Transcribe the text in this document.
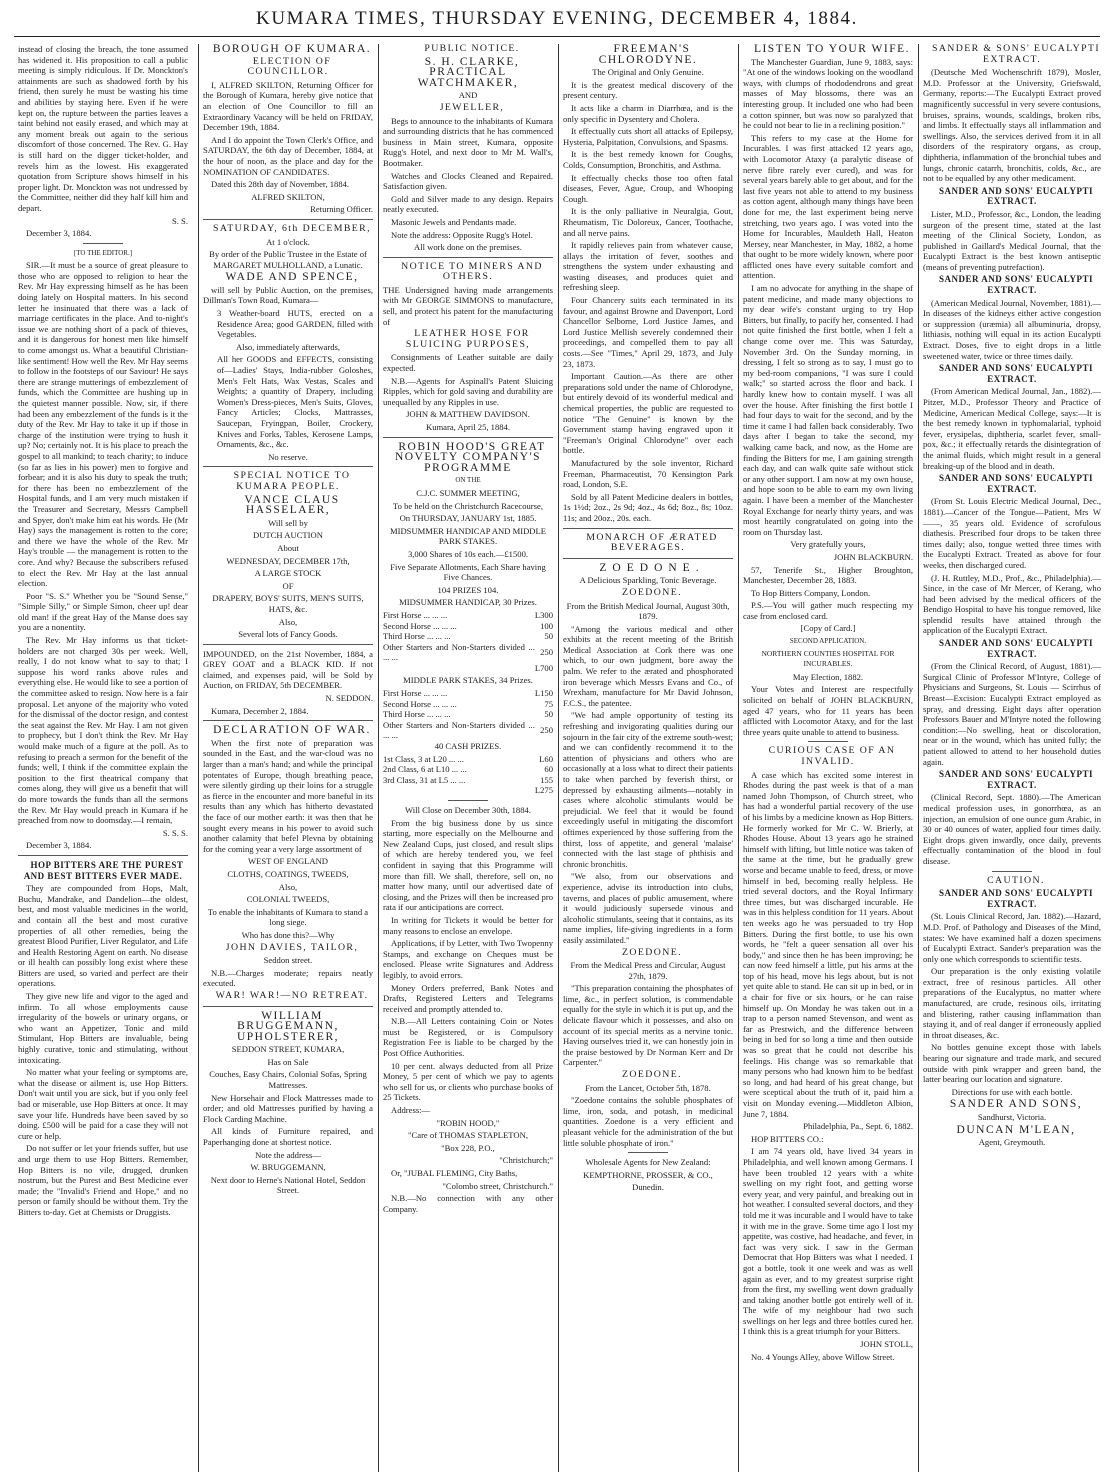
KUMARA TIMES, THURSDAY EVENING, DECEMBER 4, 1884.

instead of closing the breach, the tone assumed has widened it. His proposition to call a public meeting is simply ridiculous. If Dr. Monckton's attainments are such as shadowed forth by his friend, then surely he must be wasting his time and abilities by staying here. Even if he were kept on, the rupture between the parties leaves a taint behind not easily erased, and which may at any moment break out again to the serious discomfort of those concerned. The Rev. G. Hay is still hard on the digger ticket-holder, and revels him as the lowest. His exaggerated quotation from Scripture shows himself in his proper light. Dr. Monckton was not undressed by the Committee, neither did they half kill him and depart.

S. S.

December 3, 1884.

[TO THE EDITOR.]

SIR.—It must be a source of great pleasure to those who are opposed to religion to hear the Rev. Mr Hay expressing himself as he has been doing lately on Hospital matters. In his second letter he insinuated that there was a lack of marriage certificates in the place. And to-night's issue we are nothing short of a pack of thieves, and it is dangerous for honest men like himself to come amongst us. What a beautiful Christian-like sentiment! How well the Rev. Mr Hay seems to follow in the footsteps of our Saviour! He says there are strange mutterings of embezzlement of funds, which the Committee are hushing up in the quietest manner possible. Now, sir, if there had been any embezzlement of the funds is it the duty of the Rev. Mr Hay to take it up if those in charge of the institution were trying to hush it up? No; certainly not. It is his place to preach the gospel to all mankind; to teach charity; to induce (so far as lies in his power) men to forgive and forbear; and it is also his duty to speak the truth; for there has been no embezzlement of the Hospital funds, and I am very much mistaken if the Treasurer and Secretary, Messrs Campbell and Spyer, don't make him eat his words. He (Mr Hay) says the management is rotten to the core; and there we have the whole of the Rev. Mr Hay's trouble — the management is rotten to the core. And why? Because the subscribers refused to elect the Rev. Mr Hay at the last annual election.

Poor "S. S." Whether you be "Sound Sense," "Simple Silly," or Simple Simon, cheer up! dear old man! if the great Hay of the Manse does say you are a nonentity.

The Rev. Mr Hay informs us that ticket-holders are not charged 30s per week. Well, really, I do not know what to say to that; I suppose his word ranks above rules and everything else. He would like to see a portion of the committee asked to resign. Now here is a fair proposal. Let anyone of the majority who voted for the dismissal of the doctor resign, and contest the seat against the Rev. Mr Hay. I am not given to prophecy, but I don't think the Rev. Mr Hay would make much of a figure at the poll. As to refusing to preach a sermon for the benefit of the funds; well, I think if the committee explain the position to the first theatrical company that comes along, they will give us a benefit that will do more towards the funds than all the sermons the Rev. Mr Hay would preach in Kumara if he preached from now to doomsday.—I remain,

S. S. S.

December 3, 1884.

HOP BITTERS ARE THE PUREST AND BEST BITTERS EVER MADE.

They are compounded from Hops, Malt, Buchu, Mandrake, and Dandelion—the oldest, best, and most valuable medicines in the world, and contain all the best and most curative properties of all other remedies, being the greatest Blood Purifier, Liver Regulator, and Life and Health Restoring Agent on earth. No disease or ill health can possibly long exist where these Bitters are used, so varied and perfect are their operations.

They give new life and vigor to the aged and infirm. To all whose employments cause irregularity of the bowels or urinary organs, or who want an Appetizer, Tonic and mild Stimulant, Hop Bitters are invaluable, being highly curative, tonic and stimulating, without intoxicating.

No matter what your feeling or symptoms are, what the disease or ailment is, use Hop Bitters. Don't wait until you are sick, but if you only feel bad or miserable, use Hop Bitters at once. It may save your life. Hundreds have been saved by so doing. £500 will be paid for a case they will not cure or help.

Do not suffer or let your friends suffer, but use and urge them to use Hop Bitters. Remember, Hop Bitters is no vile, drugged, drunken nostrum, but the Purest and Best Medicine ever made; the "Invalid's Friend and Hope," and no person or family should be without them. Try the Bitters to-day. Get at Chemists or Druggists.

BOROUGH OF KUMARA.

ELECTION OF COUNCILLOR.

I, ALFRED SKILTON, Returning Officer for the Borough of Kumara, hereby give notice that an election of One Councillor to fill an Extraordinary Vacancy will be held on FRIDAY, December 19th, 1884.

And I do appoint the Town Clerk's Office, and SATURDAY, the 6th day of December, 1884, at the hour of noon, as the place and day for the NOMINATION OF CANDIDATES.

Dated this 28th day of November, 1884.

ALFRED SKILTON,

Returning Officer.

SATURDAY, 6th DECEMBER,

At 1 o'clock.

By order of the Public Trustee in the Estate of MARGARET MULHOLLAND, a Lunatic.

WADE AND SPENCE,

will sell by Public Auction, on the premises, Dillman's Town Road, Kumara—

3 Weather-board HUTS, erected on a Residence Area; good GARDEN, filled with Vegetables.

Also, immediately afterwards,

All her GOODS and EFFECTS, consisting of—Ladies' Stays, India-rubber Goloshes, Men's Felt Hats, Wax Vestas, Scales and Weights; a quantity of Drapery, including Women's Dress-pieces, Men's Suits, Gloves, Fancy Articles; Clocks, Mattrasses, Saucepan, Fryingpan, Boiler, Crockery, Knives and Forks, Tables, Kerosene Lamps, Ornaments, &c., &c.

No reserve.

SPECIAL NOTICE TO KUMARA PEOPLE.

VANCE CLAUS HASSELAER,

Will sell by

DUTCH AUCTION

About

WEDNESDAY, DECEMBER 17th,

A LARGE STOCK

OF

DRAPERY, BOYS' SUITS, MEN'S SUITS, HATS, &c.

Also,

Several lots of Fancy Goods.

IMPOUNDED, on the 21st November, 1884, a GREY GOAT and a BLACK KID. If not claimed, and expenses paid, will be Sold by Auction, on FRIDAY, 5th DECEMBER.

N. SEDDON.

Kumara, December 2, 1884.

DECLARATION OF WAR.

When the first note of preparation was sounded in the East, and the war-cloud was no larger than a man's hand; and while the principal potentates of Europe, though breathing peace, were silently girding up their loins for a struggle as fierce in the encounter and more baneful in its results than any which has hitherto devastated the face of our mother earth: it was then that he sought every means in his power to avoid such another calamity that befel Plevna by obtaining for the coming year a very large assortment of

WEST OF ENGLAND

CLOTHS, COATINGS, TWEEDS,

Also,

COLONIAL TWEEDS,

To enable the inhabitants of Kumara to stand a long siege.

Who has done this?—Why

JOHN DAVIES, TAILOR,

Seddon street.

N.B.—Charges moderate; repairs neatly executed.

WAR! WAR!—NO RETREAT.

WILLIAM BRUGGEMANN, UPHOLSTERER,

SEDDON STREET, KUMARA,

Has on Sale

Couches, Easy Chairs, Colonial Sofas, Spring Mattresses.

New Horsehair and Flock Mattresses made to order; and old Mattresses purified by having a Flock Carding Machine.

All kinds of Furniture repaired, and Paperhanging done at shortest notice.

Note the address—

W. BRUGGEMANN,

Next door to Herne's National Hotel, Seddon Street.

PUBLIC NOTICE.

S. H. CLARKE, PRACTICAL WATCHMAKER,

AND

JEWELLER,

Begs to announce to the inhabitants of Kumara and surrounding districts that he has commenced business in Main street, Kumara, opposite Rugg's Hotel, and next door to Mr M. Wall's, Bootmaker.

Watches and Clocks Cleaned and Repaired. Satisfaction given.

Gold and Silver made to any design. Repairs neatly executed.

Masonic Jewels and Pendants made.

Note the address: Opposite Rugg's Hotel.

All work done on the premises.

NOTICE TO MINERS AND OTHERS.

THE Undersigned having made arrangements with Mr GEORGE SIMMONS to manufacture, sell, and protect his patent for the manufacturing of

LEATHER HOSE FOR SLUICING PURPOSES,

Consignments of Leather suitable are daily expected.

N.B.—Agents for Aspinall's Patent Sluicing Ripples, which for gold saving and durability are unequalled by any Ripples in use.

JOHN & MATTHEW DAVIDSON.

Kumara, April 25, 1884.

ROBIN HOOD'S GREAT NOVELTY COMPANY'S PROGRAMME

ON THE

C.J.C. SUMMER MEETING,

To be held on the Christchurch Racecourse,

On THURSDAY, JANUARY 1st, 1885.

MIDSUMMER HANDICAP AND MIDDLE PARK STAKES.

3,000 Shares of 10s each.—£1500.

Five Separate Allotments, Each Share having Five Chances.

104 PRIZES 104.

MIDSUMMER HANDICAP, 30 Prizes.

First Horse ... ... ...	L300
Second Horse ... ... ...	100
Third Horse ... ... ...	50
Other Starters and Non-Starters divided ... ... ...	250

L700

MIDDLE PARK STAKES, 34 Prizes.

First Horse ... ... ...	L150
Second Horse ... ... ...	75
Third Horse ... ... ...	50
Other Starters and Non-Starters divided ... ... ...	250

40 CASH PRIZES.

1st Class, 3 at L20 ... ...	L60
2nd Class, 6 at L10 ... ...	60
3rd Class, 31 at L5 ... ...	155

L275

Will Close on December 30th, 1884.

From the big business done by us since starting, more especially on the Melbourne and New Zealand Cups, just closed, and result slips of which are hereby tendered you, we feel confident in saying that this Programme will more than fill. We shall, therefore, sell on, no matter how many, until our advertised date of closing, and the Prizes will then be increased pro rata if our anticipations are correct.

In writing for Tickets it would be better for many reasons to enclose an envelope.

Applications, if by Letter, with Two Twopenny Stamps, and exchange on Cheques must be enclosed. Please write Signatures and Address legibly, to avoid errors.

Money Orders preferred, Bank Notes and Drafts, Registered Letters and Telegrams received and promptly attended to.

N.B.—All Letters containing Coin or Notes must be Registered, or is Compulsory Registration Fee is liable to be charged by the Post Office Authorities.

10 per cent. always deducted from all Prize Money, 5 per cent of which we pay to agents who sell for us, or clients who purchase books of 25 Tickets.

Address:—

"ROBIN HOOD,"

"Care of THOMAS STAPLETON,

"Box 228, P.O.,

"Christchurch;"

Or, "JUBAL FLEMING, City Baths,

"Colombo street, Christchurch."

N.B.—No connection with any other Company.

FREEMAN'S CHLORODYNE.

The Original and Only Genuine.

It is the greatest medical discovery of the present century.

It acts like a charm in Diarrhœa, and is the only specific in Dysentery and Cholera.

It effectually cuts short all attacks of Epilepsy, Hysteria, Palpitation, Convulsions, and Spasms.

It is the best remedy known for Coughs, Colds, Consumption, Bronchitis, and Asthma.

It effectually checks those too often fatal diseases, Fever, Ague, Croup, and Whooping Cough.

It is the only palliative in Neuralgia, Gout, Rheumatism, Tic Doloreux, Cancer, Toothache, and all nerve pains.

It rapidly relieves pain from whatever cause, allays the irritation of fever, soothes and strengthens the system under exhausting and wasting diseases, and produces quiet and refreshing sleep.

Four Chancery suits each terminated in its favour, and against Browne and Davenport, Lord Chancellor Selborne, Lord Justice James, and Lord Justice Mellish severely condemned their proceedings, and compelled them to pay all costs.—See "Times," April 29, 1873, and July 23, 1873.

Important Caution.—As there are other preparations sold under the name of Chlorodyne, but entirely devoid of its wonderful medical and chemical properties, the public are requested to notice "The Genuine" is known by the Government stamp having engraved upon it "Freeman's Original Chlorodyne" over each bottle.

Manufactured by the sole inventor, Richard Freeman, Pharmaceutist, 70 Kensington Park road, London, S.E.

Sold by all Patent Medicine dealers in bottles, 1s 1½d; 2oz., 2s 9d; 4oz., 4s 6d; 8oz., 8s; 10oz. 11s; and 20oz., 20s. each.

MONARCH OF ÆRATED BEVERAGES.

ZOEDONE.

A Delicious Sparkling, Tonic Beverage.

ZOEDONE.

From the British Medical Journal, August 30th, 1879.

"Among the various medical and other exhibits at the recent meeting of the British Medical Association at Cork there was one which, to our own judgment, bore away the palm. We refer to the ærated and phosphorated iron beverage which Messrs Evans and Co., of Wrexham, manufacture for Mr David Johnson, F.C.S., the patentee.

"We had ample opportunity of testing its refreshing and invigorating qualities during our sojourn in the fair city of the extreme south-west; and we can confidently recommend it to the attention of physicians and others who are occasionally at a loss what to direct their patients to take when parched by feverish thirst, or depressed by exhausting ailments—notably in cases where alcoholic stimulants would be prejudicial. We feel that it would be found exceedingly useful in mitigating the discomfort oftimes experienced by those suffering from the thirst, loss of appetite, and general 'malaise' connected with the last stage of phthisis and chronic bronchitis.

"We also, from our observations and experience, advise its introduction into clubs, taverns, and places of public amusement, where it would judiciously supersede vinous and alcoholic stimulants, seeing that it contains, as its name implies, life-giving ingredients in a form easily assimilated."

ZOEDONE.

From the Medical Press and Circular, August 27th, 1879.

"This preparation containing the phosphates of lime, &c., in perfect solution, is commendable equally for the style in which it is put up, and the delicate flavour which it possesses, and also on account of its special merits as a nervine tonic. Having ourselves tried it, we can honestly join in the praise bestowed by Dr Norman Kerr and Dr Carpenter."

ZOEDONE.

From the Lancet, October 5th, 1878.

"Zoedone contains the soluble phosphates of lime, iron, soda, and potash, in medicinal quantities. Zoedone is a very efficient and pleasant vehicle for the administration of the but little soluble phosphate of iron."

Wholesale Agents for New Zealand:

KEMPTHORNE, PROSSER, & CO.,

Dunedin.

LISTEN TO YOUR WIFE.

The Manchester Guardian, June 9, 1883, says: "At one of the windows looking on the woodland ways, with clumps of rhododendrons and great masses of May blossoms, there was an interesting group. It included one who had been a cotton spinner, but was now so paralyzed that he could not bear to lie in a reclining position."

This refers to my case at the Home for Incurables. I was first attacked 12 years ago, with Locomotor Ataxy (a paralytic disease of nerve fibre rarely ever cured), and was for several years barely able to get about, and for the last five years not able to attend to my business as cotton agent, although many things have been done for me, the last experiment being nerve stretching, two years ago. I was voted into the Home for Incurables, Mauldeth Hall, Heaton Mersey, near Manchester, in May, 1882, a home that ought to be more widely known, where poor afflicted ones have every suitable comfort and attention.

I am no advocate for anything in the shape of patent medicine, and made many objections to my dear wife's constant urging to try Hop Bitters, but finally, to pacify her, consented. I had not quite finished the first bottle, when I felt a change come over me. This was Saturday, November 3rd. On the Sunday morning, in dressing, I felt so strong as to say, I must go to my bed-room companions, "I was sure I could walk;" so started across the floor and back. I hardly knew how to contain myself. I was all over the house. After finishing the first bottle I had four days to wait for the second, and by the time it came I had fallen back considerably. Two days after I began to take the second, my walking came back, and now, as the Home are finding the Bitters for me, I am gaining strength each day, and can walk quite safe without stick or any other support. I am now at my own house, and hope soon to be able to earn my own living again. I have been a member of the Manchester Royal Exchange for nearly thirty years, and was most heartily congratulated on going into the room on Thursday last.

Very gratefully yours,

JOHN BLACKBURN.

57, Tenerife St., Higher Broughton, Manchester, December 28, 1883.

To Hop Bitters Company, London.

P.S.—You will gather much respecting my case from enclosed card.

[Copy of Card.]

SECOND APPLICATION.

NORTHERN COUNTIES HOSPITAL FOR INCURABLES.

May Election, 1882.

Your Votes and Interest are respectfully solicited on behalf of JOHN BLACKBURN, aged 47 years, who for 11 years has been afflicted with Locomotor Ataxy, and for the last three years quite unable to attend to business.

CURIOUS CASE OF AN INVALID.

A case which has excited some interest in Rhodes during the past week is that of a man named John Thompson, of Church street, who has had a wonderful partial recovery of the use of his limbs by a medicine known as Hop Bitters. He formerly worked for Mr C. W. Brierly, at Rhodes House. About 13 years ago he strained himself with lifting, but little notice was taken of the same at the time, but he gradually grew worse and became unable to feed, dress, or move himself in bed, becoming really helpless. He tried several doctors, and the Royal Infirmary three times, but was discharged incurable. He was in this helpless condition for 11 years. About ten weeks ago he was persuaded to try Hop Bitters. During the first bottle, to use his own words, he "felt a queer sensation all over his body," and since then he has been improving; he can now feed himself a little, put his arms at the top of his head, move his legs about, but is not yet quite able to stand. He can sit up in bed, or in a chair for five or six hours, or he can raise himself up. On Monday he was taken out in a trap to a person named Stevenson, and went as far as Prestwich, and the difference between being in bed for so long a time and then outside was so great that he could not describe his feelings. His change was so remarkable that many persons who had known him to be bedfast so long, and had heard of his great change, but were sceptical about the truth of it, paid him a visit on Monday evening.—Middleton Albion, June 7, 1884.

Philadelphia, Pa., Sept. 6, 1882.

HOP BITTERS CO.:

I am 74 years old, have lived 34 years in Philadelphia, and well known among Germans. I have been troubled 12 years with a white swelling on my right foot, and getting worse every year, and very painful, and breaking out in hot weather. I consulted several doctors, and they told me it was incurable and I would have to take it with me in the grave. Some time ago I lost my appetite, was costive, had headache, and fever, in fact was very sick. I saw in the German Democrat that Hop Bitters was what I needed. I got a bottle, took it one week and was as well again as ever, and to my greatest surprise right from the first, my swelling went down gradually and taking another bottle got entirely well of it. The wife of my neighbour had two such swellings on her legs and three bottles cured her. I think this is a great triumph for your Bitters.

JOHN STOLL,

No. 4 Youngs Alley, above Willow Street.

SANDER & SONS' EUCALYPTI EXTRACT.

(Deutsche Med Wochenschrift 1879), Mosler, M.D. Professor at the University, Griefswald, Germany, reports:—The Eucalypti Extract proved magnificently successful in very severe contusions, bruises, sprains, wounds, scaldings, broken ribs, and limbs. It effectually stays all inflammation and swellings. Also, the services derived from it in all disorders of the respiratory organs, as croup, diphtheria, inflammation of the bronchial tubes and lungs, chronic catarrh, bronchitis, colds, &c., are not to be equalled by any other medicament.

SANDER AND SONS' EUCALYPTI EXTRACT.

Lister, M.D., Professor, &c., London, the leading surgeon of the present time, stated at the last meeting of the Clinical Society, London, as published in Gaillard's Medical Journal, that the Eucalypti Extract is the best known antiseptic (means of preventing putrefaction).

SANDER AND SONS' EUCALYPTI EXTRACT.

(American Medical Journal, November, 1881).—In diseases of the kidneys either active congestion or suppression (uræmia) all albuminuria, dropsy, lithiasis, nothing will equal in its action Eucalypti Extract. Doses, five to eight drops in a little sweetened water, twice or three times daily.

SANDER AND SONS' EUCALYPTI EXTRACT.

(From American Medical Journal, Jan., 1882).—Pitzer, M.D., Professor Theory and Practice of Medicine, American Medical College, says:—It is the best remedy known in typhomalarial, typhoid fever, erysipelas, diphtheria, scarlet fever, small-pox, &c.; it effectually retards the disintegration of the animal fluids, which might result in a general breaking-up of the blood and in death.

SANDER AND SONS' EUCALYPTI EXTRACT.

(From St. Louis Electric Medical Journal, Dec., 1881).—Cancer of the Tongue—Patient, Mrs W——, 35 years old. Evidence of scrofulous diathesis. Prescribed four drops to be taken three times daily; also, tongue wetted three times with the Eucalypti Extract. Treated as above for four weeks, then discharged cured.

(J. H. Ruttley, M.D., Prof., &c., Philadelphia).—Since, in the case of Mr Mercer, of Kerang, who had been advised by the medical officers of the Bendigo Hospital to have his tongue removed, like splendid results have attained through the application of the Eucalypti Extract.

SANDER AND SONS' EUCALYPTI EXTRACT.

(From the Clinical Record, of August, 1881).—Surgical Clinic of Professor M'Intyre, College of Physicians and Surgeons, St. Louis — Scirrhus of Breast—Excision: Eucalypti Extract employed as spray, and dressing. Eight days after operation Professors Bauer and M'Intyre noted the following condition:—No swelling, heat or discoloration, near or in the wound, which has united fully; the patient allowed to attend to her household duties again.

SANDER AND SONS' EUCALYPTI EXTRACT.

(Clinical Record, Sept. 1880).—The American medical profession uses, in gonorrhœa, as an injection, an emulsion of one ounce gum Arabic, in 30 or 40 ounces of water, applied four times daily. Eight drops given inwardly, once daily, prevents effectually contamination of the blood in foul disease.

CAUTION.

SANDER AND SONS' EUCALYPTI EXTRACT.

(St. Louis Clinical Record, Jan. 1882).—Hazard, M.D. Prof. of Pathology and Diseases of the Mind, states: We have examined half a dozen specimens of Eucalypti Extract. Sander's preparation was the only one which corresponds to scientific tests.

Our preparation is the only existing volatile extract, free of resinous particles. All other preparations of the Eucalyptus, no matter where manufactured, are crude, resinous oils, irritating and blistering, rather causing inflammation than staying it, and of real danger if erroneously applied in throat diseases, &c.

No bottles genuine except those with labels bearing our signature and trade mark, and secured outside with pink wrapper and green band, the latter bearing our location and signature.

Directions for use with each bottle.

SANDER AND SONS,

Sandhurst, Victoria.

DUNCAN M'LEAN,

Agent, Greymouth.
